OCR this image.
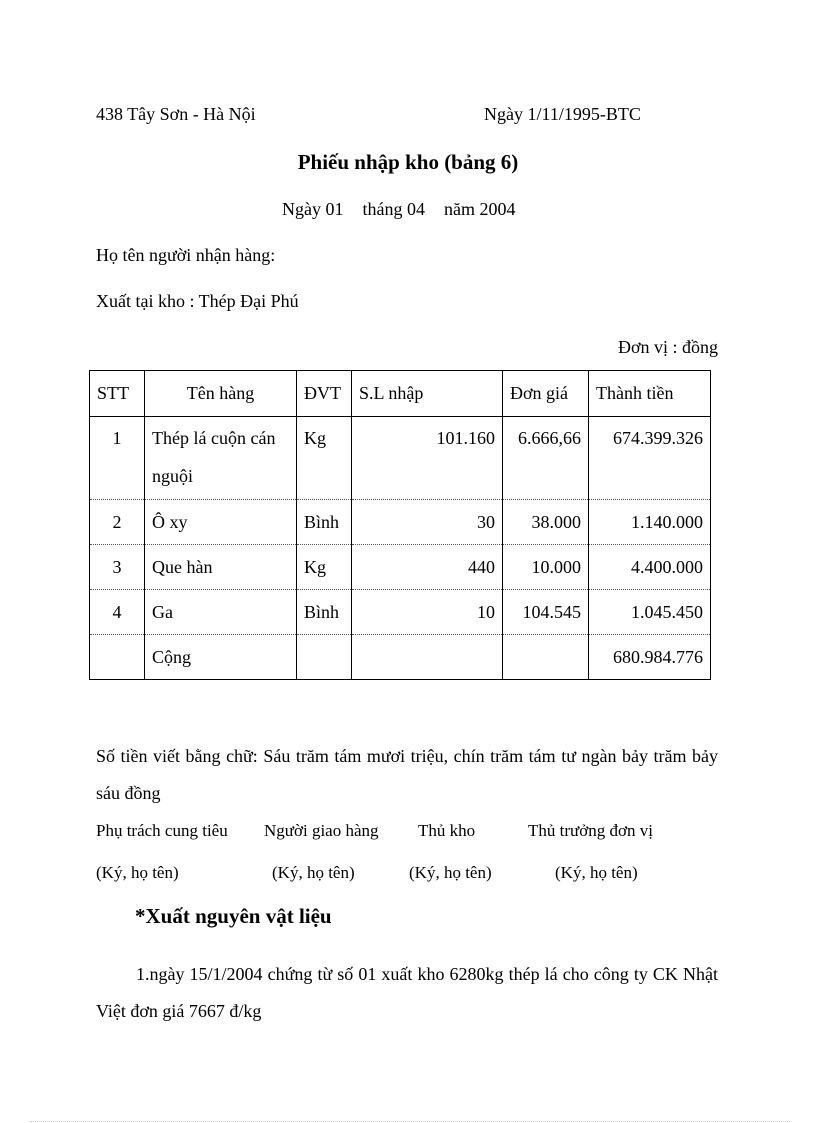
438 Tây Sơn - Hà Nội	Ngày 1/11/1995-BTC
Phiếu nhập kho (bảng 6)
Ngày 01 tháng 04 năm 2004
Họ tên người nhận hàng:
Xuất tại kho : Thép Đại Phú
Đơn vị : đồng
STT	Tên hàng	ĐVT	S.L nhập	Đơn giá	Thành tiền
1	Thép lá cuộn cán nguội	Kg	101.160	6.666,66	674.399.326
2	Ô xy	Bình	30	38.000	1.140.000
3	Que hàn	Kg	440	10.000	4.400.000
4	Ga	Bình	10	104.545	1.045.450
	Cộng				680.984.776
Số tiền viết bằng chữ: Sáu trăm tám mươi triệu, chín trăm tám tư ngàn bảy trăm bảy sáu đồng
Phụ trách cung tiêu Người giao hàng Thủ kho	Thủ trưởng đơn vị
(Ký, họ tên)	(Ký, họ tên)	(Ký, họ tên)	(Ký, họ tên)
*Xuất nguyên vật liệu
1.ngày 15/1/2004 chứng từ số 01 xuất kho 6280kg thép lá cho công ty CK Nhật Việt đơn giá 7667 đ/kg
